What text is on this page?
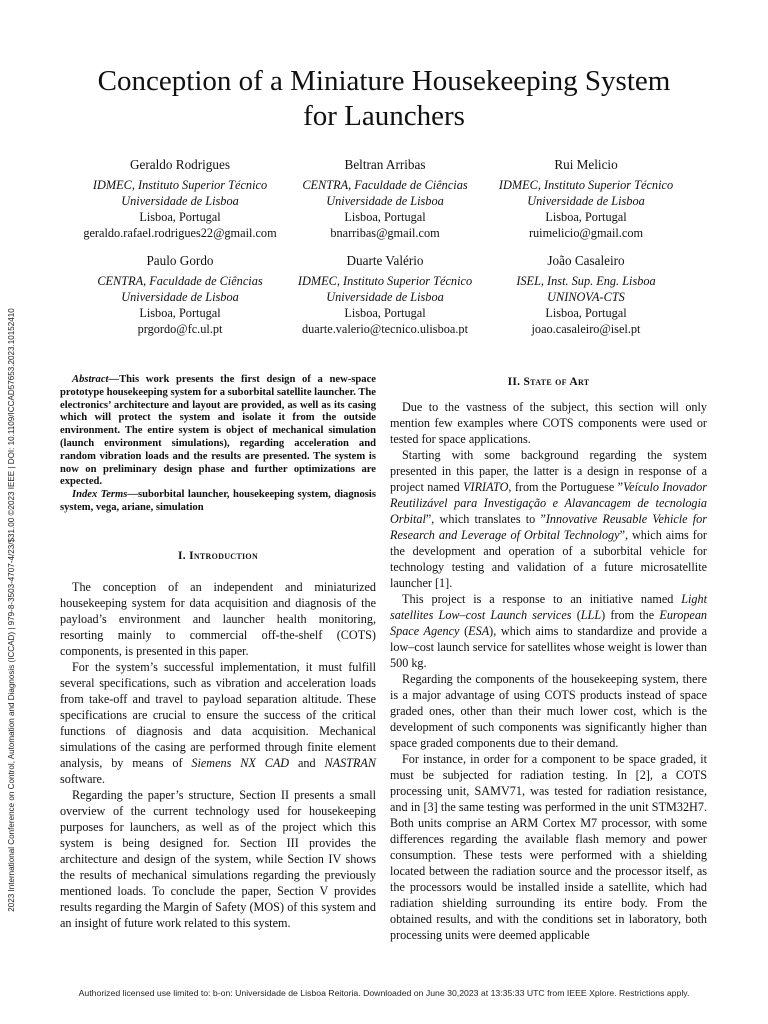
2023 International Conference on Control, Automation and Diagnosis (ICCAD) | 979-8-3503-4707-4/23/$31.00 ©2023 IEEE | DOI: 10.1109/ICCAD57653.2023.10152410
Conception of a Miniature Housekeeping System
for Launchers
Geraldo Rodrigues
IDMEC, Instituto Superior Técnico
Universidade de Lisboa
Lisboa, Portugal
geraldo.rafael.rodrigues22@gmail.com
Beltran Arribas
CENTRA, Faculdade de Ciências
Universidade de Lisboa
Lisboa, Portugal
bnarribas@gmail.com
Rui Melicio
IDMEC, Instituto Superior Técnico
Universidade de Lisboa
Lisboa, Portugal
ruimelicio@gmail.com
Paulo Gordo
CENTRA, Faculdade de Ciências
Universidade de Lisboa
Lisboa, Portugal
prgordo@fc.ul.pt
Duarte Valério
IDMEC, Instituto Superior Técnico
Universidade de Lisboa
Lisboa, Portugal
duarte.valerio@tecnico.ulisboa.pt
João Casaleiro
ISEL, Inst. Sup. Eng. Lisboa
UNINOVA-CTS
Lisboa, Portugal
joao.casaleiro@isel.pt

Abstract—This work presents the first design of a new-space prototype housekeeping system for a suborbital satellite launcher. The electronics’ architecture and layout are provided, as well as its casing which will protect the system and isolate it from the outside environment. The entire system is object of mechanical simulation (launch environment simulations), regarding acceleration and random vibration loads and the results are presented. The system is now on preliminary design phase and further optimizations are expected.

Index Terms—suborbital launcher, housekeeping system, diagnosis system, vega, ariane, simulation

I. Introduction

The conception of an independent and miniaturized housekeeping system for data acquisition and diagnosis of the payload’s environment and launcher health monitoring, resorting mainly to commercial off-the-shelf (COTS) components, is presented in this paper.

For the system’s successful implementation, it must fulfill several specifications, such as vibration and acceleration loads from take-off and travel to payload separation altitude. These specifications are crucial to ensure the success of the critical functions of diagnosis and data acquisition. Mechanical simulations of the casing are performed through finite element analysis, by means of Siemens NX CAD and NASTRAN software.

Regarding the paper’s structure, Section II presents a small overview of the current technology used for housekeeping purposes for launchers, as well as of the project which this system is being designed for. Section III provides the architecture and design of the system, while Section IV shows the results of mechanical simulations regarding the previously mentioned loads. To conclude the paper, Section V provides results regarding the Margin of Safety (MOS) of this system and an insight of future work related to this system.

II. State of Art

Due to the vastness of the subject, this section will only mention few examples where COTS components were used or tested for space applications.

Starting with some background regarding the system presented in this paper, the latter is a design in response of a project named VIRIATO, from the Portuguese ”Veículo Inovador Reutilizável para Investigação e Alavancagem de tecnologia Orbital”, which translates to ”Innovative Reusable Vehicle for Research and Leverage of Orbital Technology”, which aims for the development and operation of a suborbital vehicle for technology testing and validation of a future microsatellite launcher [1].

This project is a response to an initiative named Light satellites Low–cost Launch services (LLL) from the European Space Agency (ESA), which aims to standardize and provide a low–cost launch service for satellites whose weight is lower than 500 kg.

Regarding the components of the housekeeping system, there is a major advantage of using COTS products instead of space graded ones, other than their much lower cost, which is the development of such components was significantly higher than space graded components due to their demand.

For instance, in order for a component to be space graded, it must be subjected for radiation testing. In [2], a COTS processing unit, SAMV71, was tested for radiation resistance, and in [3] the same testing was performed in the unit STM32H7. Both units comprise an ARM Cortex M7 processor, with some differences regarding the available flash memory and power consumption. These tests were performed with a shielding located between the radiation source and the processor itself, as the processors would be installed inside a satellite, which had radiation shielding surrounding its entire body. From the obtained results, and with the conditions set in laboratory, both processing units were deemed applicable

Authorized licensed use limited to: b-on: Universidade de Lisboa Reitoria. Downloaded on June 30,2023 at 13:35:33 UTC from IEEE Xplore. Restrictions apply.
